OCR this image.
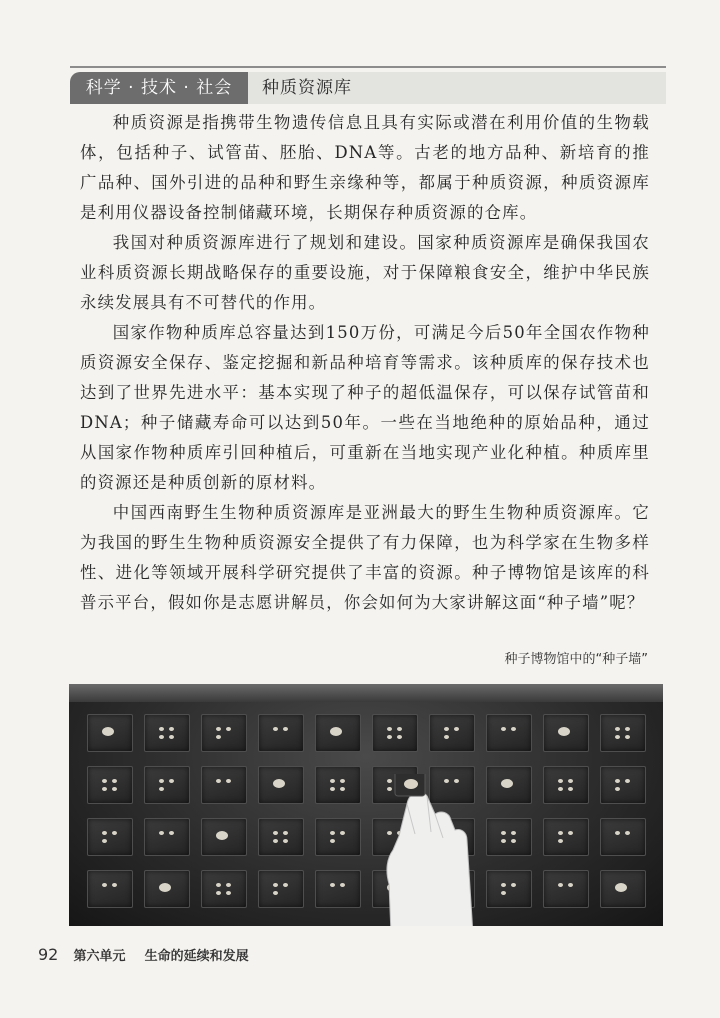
科学 · 技术 · 社会	种质资源库

种质资源是指携带生物遗传信息且具有实际或潜在利用价值的生物载体，包括种子、试管苗、胚胎、DNA等。古老的地方品种、新培育的推广品种、国外引进的品种和野生亲缘种等，都属于种质资源，种质资源库是利用仪器设备控制储藏环境，长期保存种质资源的仓库。

我国对种质资源库进行了规划和建设。国家种质资源库是确保我国农业科质资源长期战略保存的重要设施，对于保障粮食安全，维护中华民族永续发展具有不可替代的作用。

国家作物种质库总容量达到150万份，可满足今后50年全国农作物种质资源安全保存、鉴定挖掘和新品种培育等需求。该种质库的保存技术也达到了世界先进水平：基本实现了种子的超低温保存，可以保存试管苗和DNA；种子储藏寿命可以达到50年。一些在当地绝种的原始品种，通过从国家作物种质库引回种植后，可重新在当地实现产业化种植。种质库里的资源还是种质创新的原材料。

中国西南野生生物种质资源库是亚洲最大的野生生物种质资源库。它为我国的野生生物种质资源安全提供了有力保障，也为科学家在生物多样性、进化等领域开展科学研究提供了丰富的资源。种子博物馆是该库的科普示平台，假如你是志愿讲解员，你会如何为大家讲解这面“种子墙”呢？

种子博物馆中的“种子墙”
92 第六单元 生命的延续和发展
